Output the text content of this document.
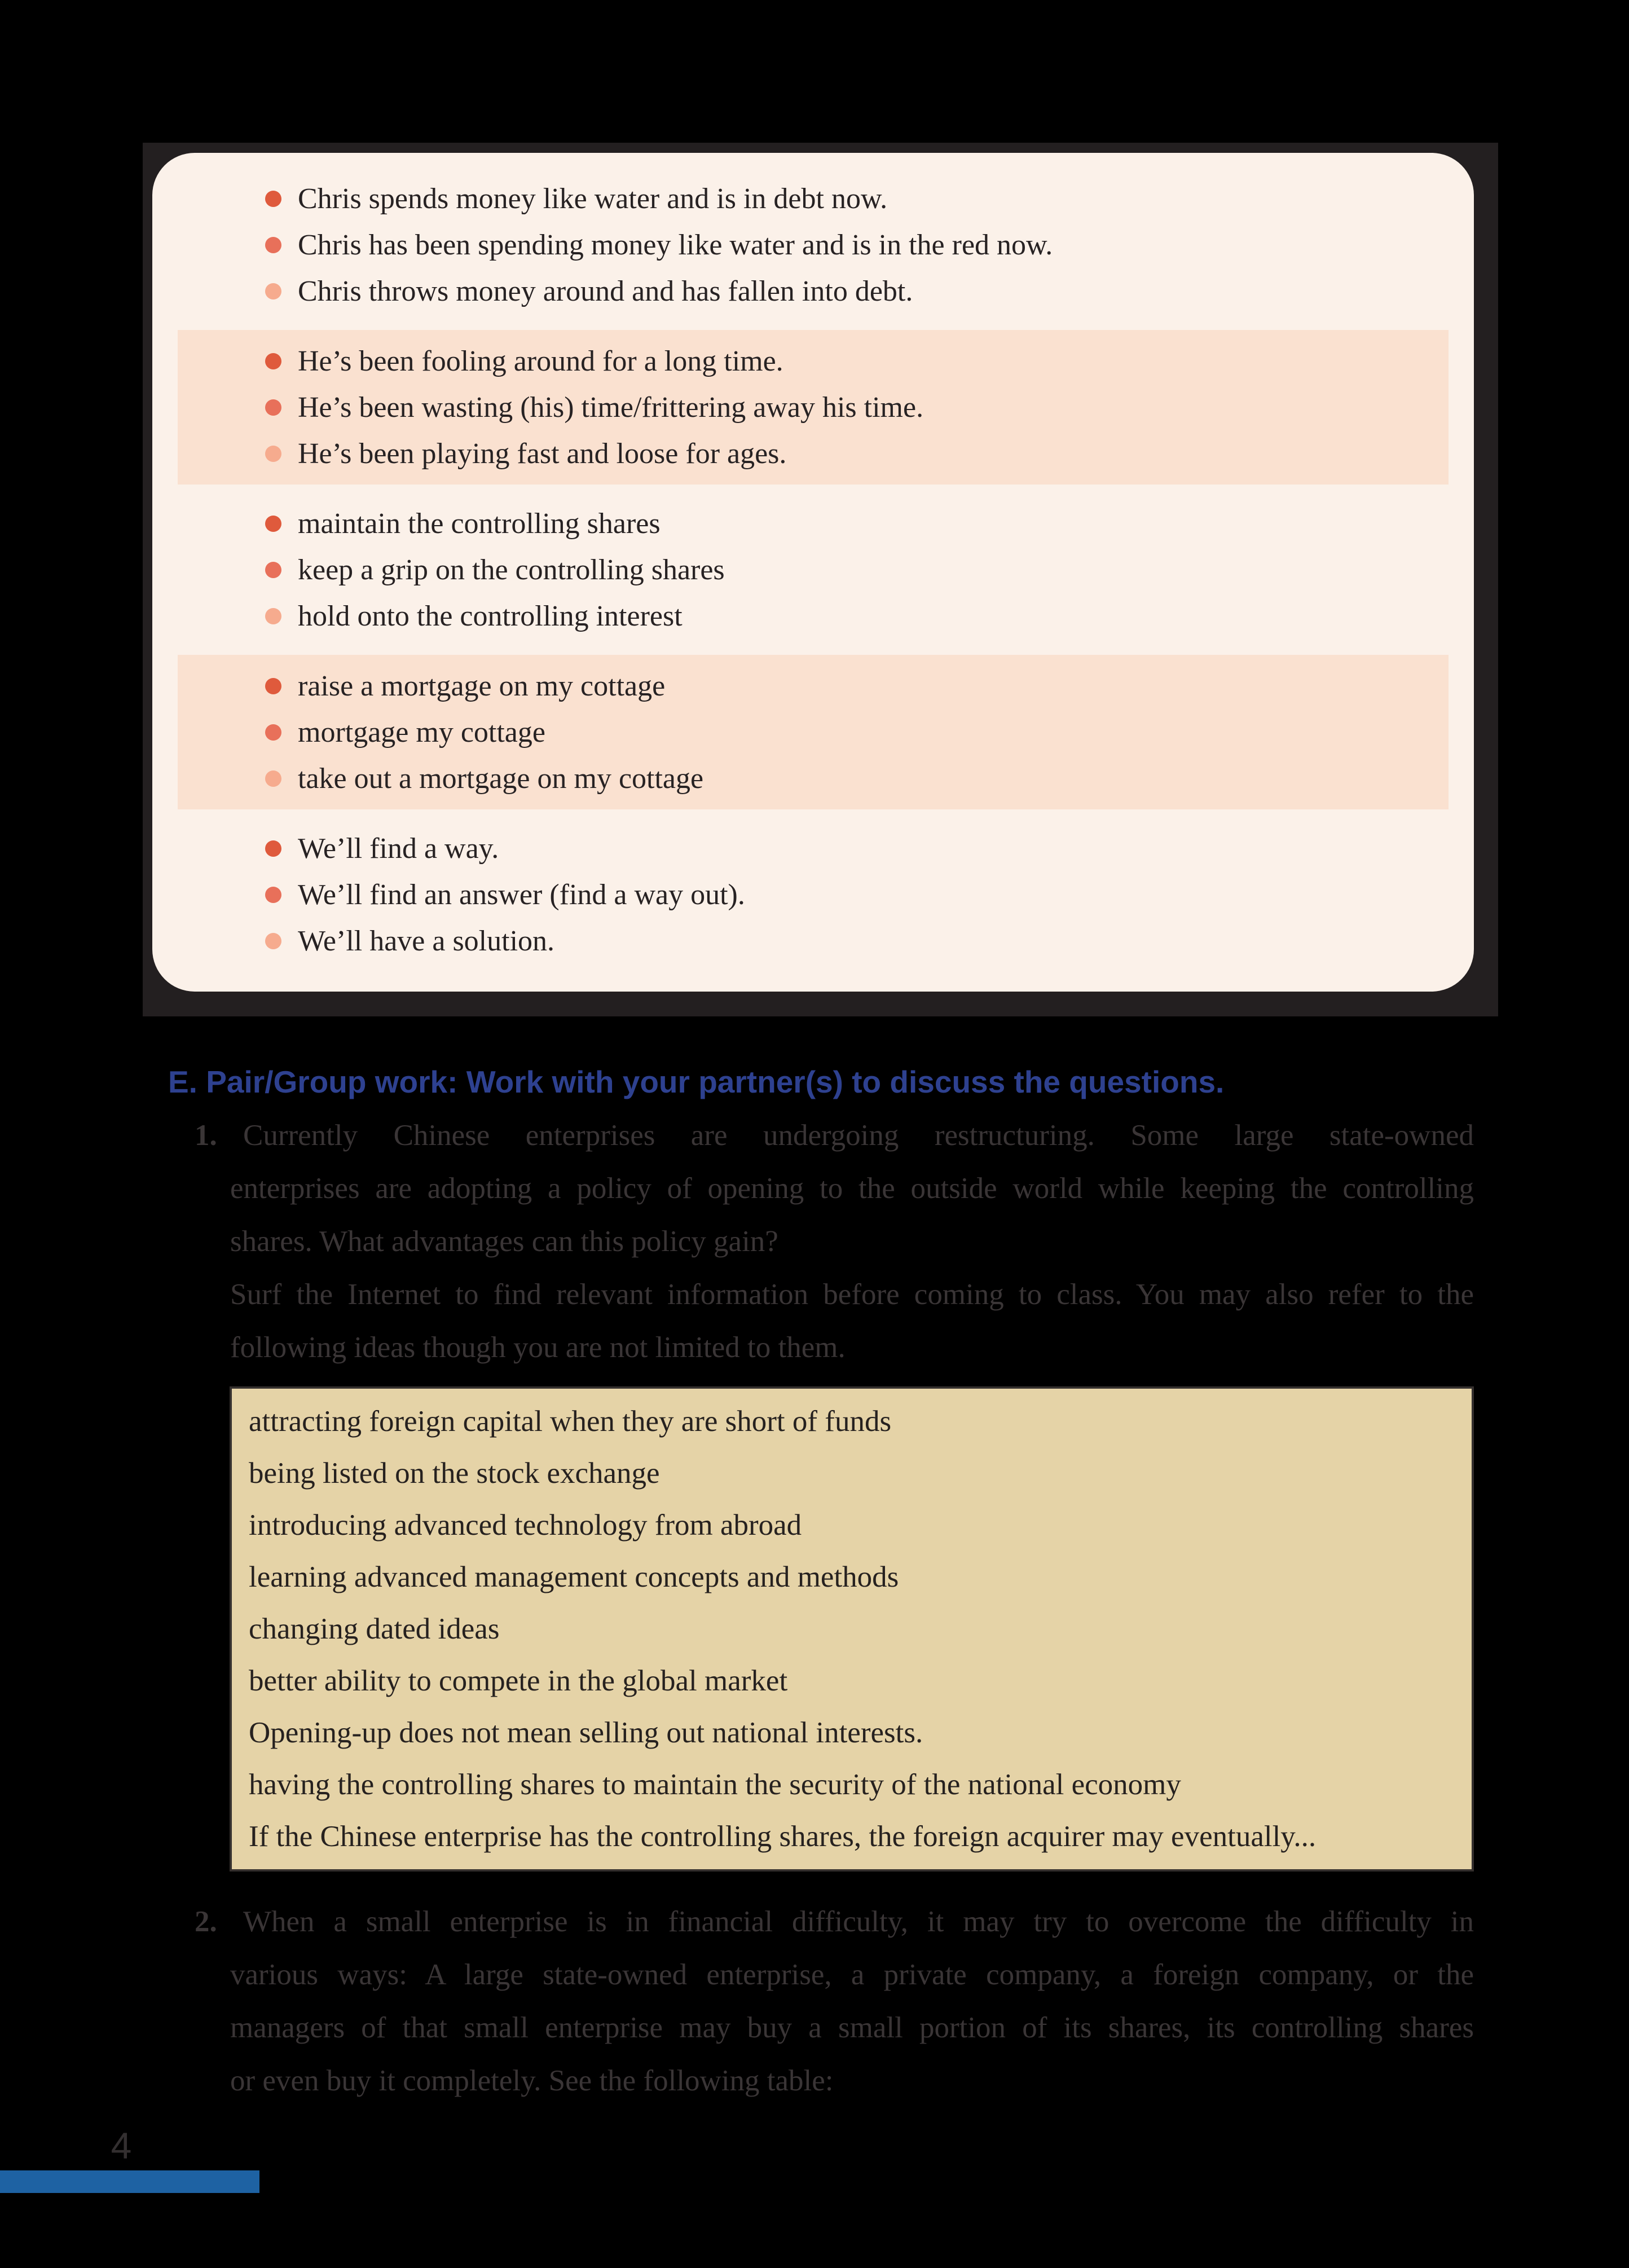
Chris spends money like water and is in debt now.
Chris has been spending money like water and is in the red now.
Chris throws money around and has fallen into debt.
He’s been fooling around for a long time.
He’s been wasting (his) time/frittering away his time.
He’s been playing fast and loose for ages.
maintain the controlling shares
keep a grip on the controlling shares
hold onto the controlling interest
raise a mortgage on my cottage
mortgage my cottage
take out a mortgage on my cottage
We’ll find a way.
We’ll find an answer (find a way out).
We’ll have a solution.
E. Pair/Group work: Work with your partner(s) to discuss the questions.
1. Currently Chinese enterprises are undergoing restructuring. Some large state-owned
enterprises are adopting a policy of opening to the outside world while keeping the controlling
shares. What advantages can this policy gain?
Surf the Internet to find relevant information before coming to class. You may also refer to the
following ideas though you are not limited to them.
attracting foreign capital when they are short of funds
being listed on the stock exchange
introducing advanced technology from abroad
learning advanced management concepts and methods
changing dated ideas
better ability to compete in the global market
Opening-up does not mean selling out national interests.
having the controlling shares to maintain the security of the national economy
If the Chinese enterprise has the controlling shares, the foreign acquirer may eventually...
2. When a small enterprise is in financial difficulty, it may try to overcome the difficulty in
various ways: A large state-owned enterprise, a private company, a foreign company, or the
managers of that small enterprise may buy a small portion of its shares, its controlling shares
or even buy it completely. See the following table:
4
